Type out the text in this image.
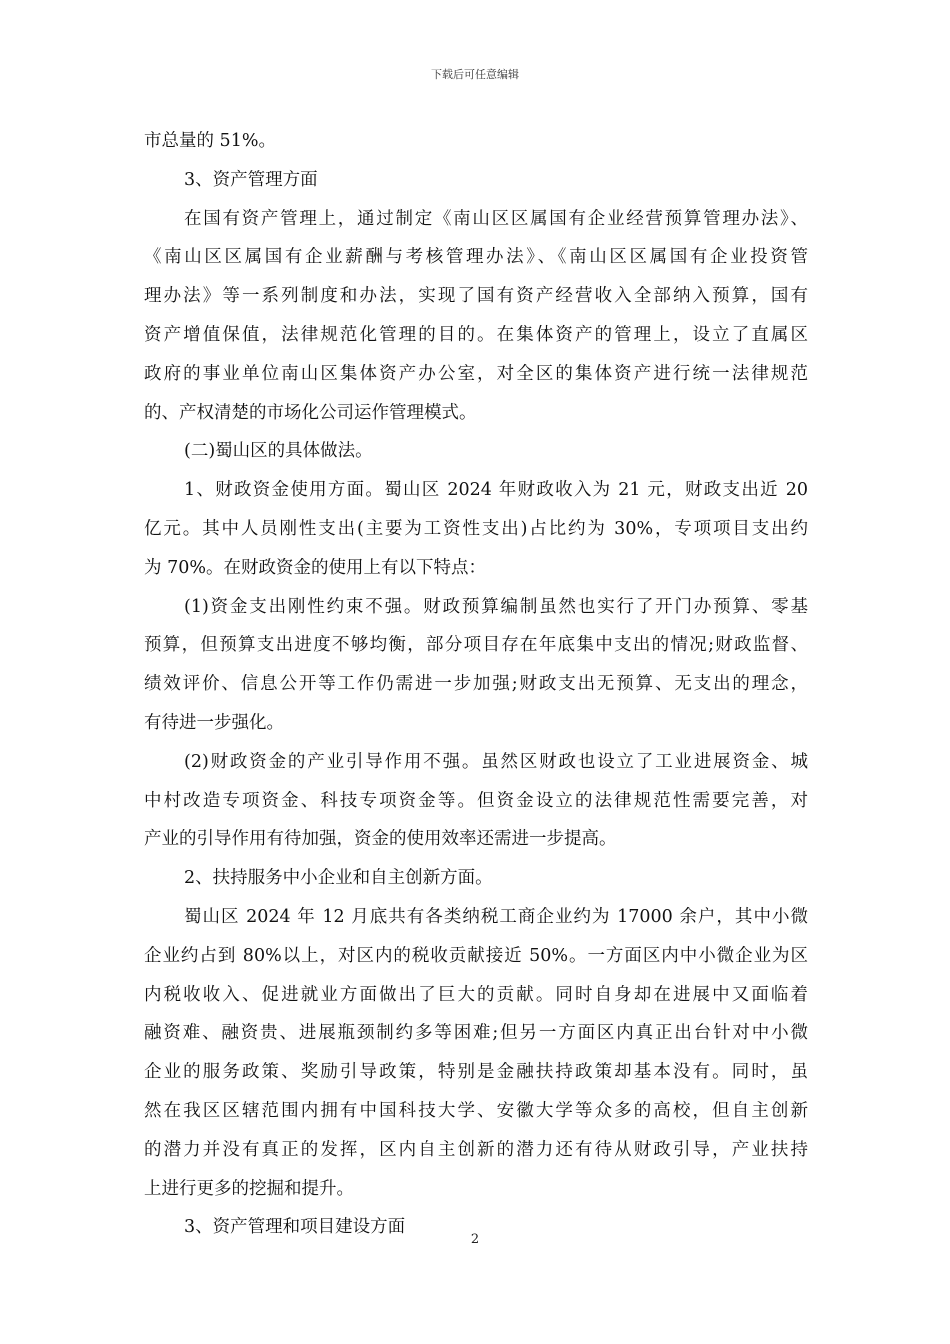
下载后可任意编辑
市总量的 51%。
3、资产管理方面
在国有资产管理上，通过制定《南山区区属国有企业经营预算管理办法》、
《南山区区属国有企业薪酬与考核管理办法》、《南山区区属国有企业投资管
理办法》等一系列制度和办法，实现了国有资产经营收入全部纳入预算，国有
资产增值保值，法律规范化管理的目的。在集体资产的管理上，设立了直属区
政府的事业单位南山区集体资产办公室，对全区的集体资产进行统一法律规范
的、产权清楚的市场化公司运作管理模式。
(二)蜀山区的具体做法。
1、财政资金使用方面。蜀山区 2024 年财政收入为 21 元，财政支出近 20
亿元。其中人员刚性支出(主要为工资性支出)占比约为 30%，专项项目支出约
为 70%。在财政资金的使用上有以下特点：
(1)资金支出刚性约束不强。财政预算编制虽然也实行了开门办预算、零基
预算，但预算支出进度不够均衡，部分项目存在年底集中支出的情况;财政监督、
绩效评价、信息公开等工作仍需进一步加强;财政支出无预算、无支出的理念，
有待进一步强化。
(2)财政资金的产业引导作用不强。虽然区财政也设立了工业进展资金、城
中村改造专项资金、科技专项资金等。但资金设立的法律规范性需要完善，对
产业的引导作用有待加强，资金的使用效率还需进一步提高。
2、扶持服务中小企业和自主创新方面。
蜀山区 2024 年 12 月底共有各类纳税工商企业约为 17000 余户，其中小微
企业约占到 80%以上，对区内的税收贡献接近 50%。一方面区内中小微企业为区
内税收收入、促进就业方面做出了巨大的贡献。同时自身却在进展中又面临着
融资难、融资贵、进展瓶颈制约多等困难;但另一方面区内真正出台针对中小微
企业的服务政策、奖励引导政策，特别是金融扶持政策却基本没有。同时，虽
然在我区区辖范围内拥有中国科技大学、安徽大学等众多的高校，但自主创新
的潜力并没有真正的发挥，区内自主创新的潜力还有待从财政引导，产业扶持
上进行更多的挖掘和提升。
3、资产管理和项目建设方面
2
